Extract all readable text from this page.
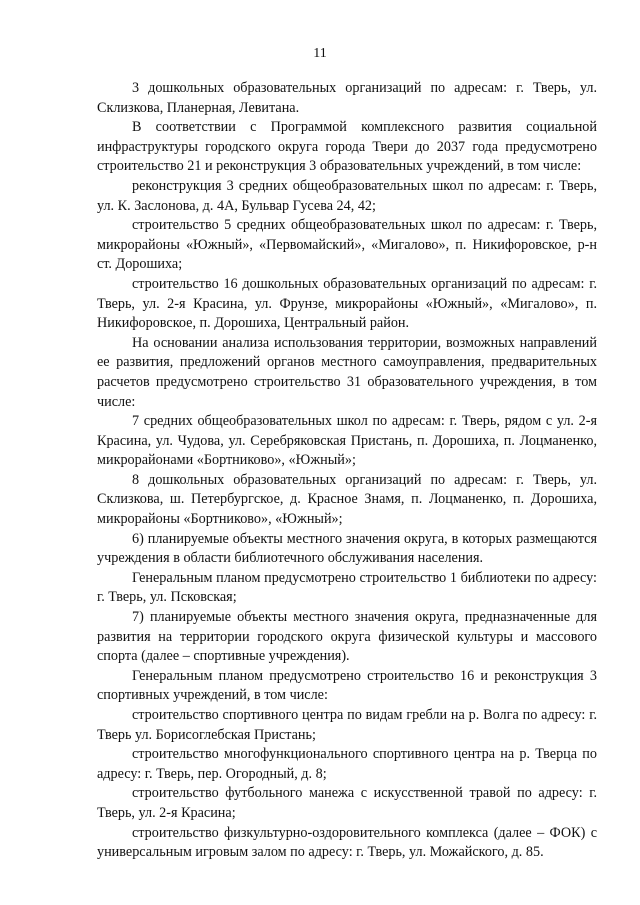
11

3 дошкольных образовательных организаций по адресам: г. Тверь, ул. Склизкова, Планерная, Левитана.

В соответствии с Программой комплексного развития социальной инфраструктуры городского округа города Твери до 2037 года предусмотрено строительство 21 и реконструкция 3 образовательных учреждений, в том числе:

реконструкция 3 средних общеобразовательных школ по адресам: г. Тверь, ул. К. Заслонова, д. 4А, Бульвар Гусева 24, 42;

строительство 5 средних общеобразовательных школ по адресам: г. Тверь, микрорайоны «Южный», «Первомайский», «Мигалово», п. Никифоровское, р-н ст. Дорошиха;

строительство 16 дошкольных образовательных организаций по адресам: г. Тверь, ул. 2-я Красина, ул. Фрунзе, микрорайоны «Южный», «Мигалово», п. Никифоровское, п. Дорошиха, Центральный район.

На основании анализа использования территории, возможных направлений ее развития, предложений органов местного самоуправления, предварительных расчетов предусмотрено строительство 31 образовательного учреждения, в том числе:

7 средних общеобразовательных школ по адресам: г. Тверь, рядом с ул. 2-я Красина, ул. Чудова, ул. Серебряковская Пристань, п. Дорошиха, п. Лоцманенко, микрорайонами «Бортниково», «Южный»;

8 дошкольных образовательных организаций по адресам: г. Тверь, ул. Склизкова, ш. Петербургское, д. Красное Знамя, п. Лоцманенко, п. Дорошиха, микрорайоны «Бортниково», «Южный»;

6) планируемые объекты местного значения округа, в которых размещаются учреждения в области библиотечного обслуживания населения.

Генеральным планом предусмотрено строительство 1 библиотеки по адресу: г. Тверь, ул. Псковская;

7) планируемые объекты местного значения округа, предназначенные для развития на территории городского округа физической культуры и массового спорта (далее – спортивные учреждения).

Генеральным планом предусмотрено строительство 16 и реконструкция 3 спортивных учреждений, в том числе:

строительство спортивного центра по видам гребли на р. Волга по адресу: г. Тверь ул. Борисоглебская Пристань;

строительство многофункционального спортивного центра на р. Тверца по адресу: г. Тверь, пер. Огородный, д. 8;

строительство футбольного манежа с искусственной травой по адресу: г. Тверь, ул. 2-я Красина;

строительство физкультурно-оздоровительного комплекса (далее – ФОК) с универсальным игровым залом по адресу: г. Тверь, ул. Можайского, д. 85.
